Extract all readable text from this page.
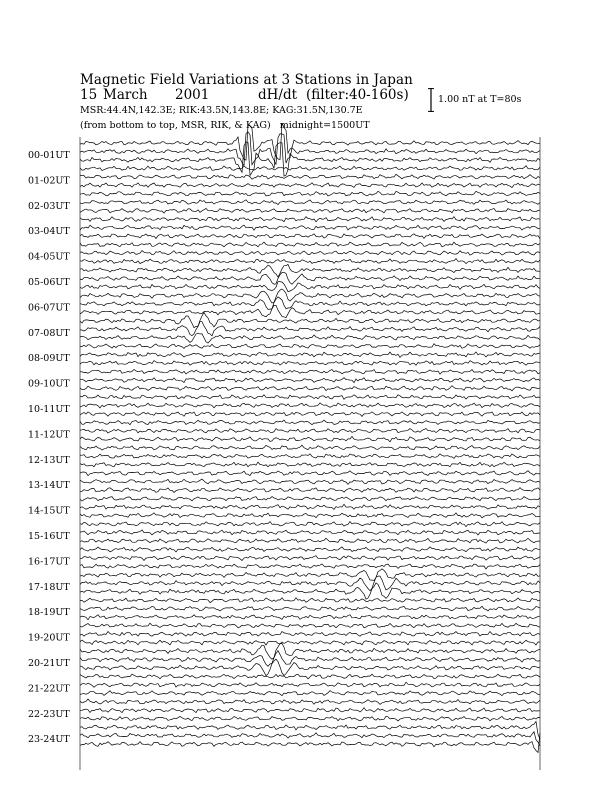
Magnetic Field Variations at 3 Stations in Japan
15 March 2001	dH/dt (filter:40-160s)
MSR:44.4N,142.3E; RIK:43.5N,143.8E; KAG:31.5N,130.7E
(from bottom to top, MSR, RIK, & KAG) midnight=1500UT
1.00 nT at T=80s
00-01UT
01-02UT
02-03UT
03-04UT
04-05UT
05-06UT
06-07UT
07-08UT
08-09UT
09-10UT
10-11UT
11-12UT
12-13UT
13-14UT
14-15UT
15-16UT
16-17UT
17-18UT
18-19UT
19-20UT
20-21UT
21-22UT
22-23UT
23-24UT
